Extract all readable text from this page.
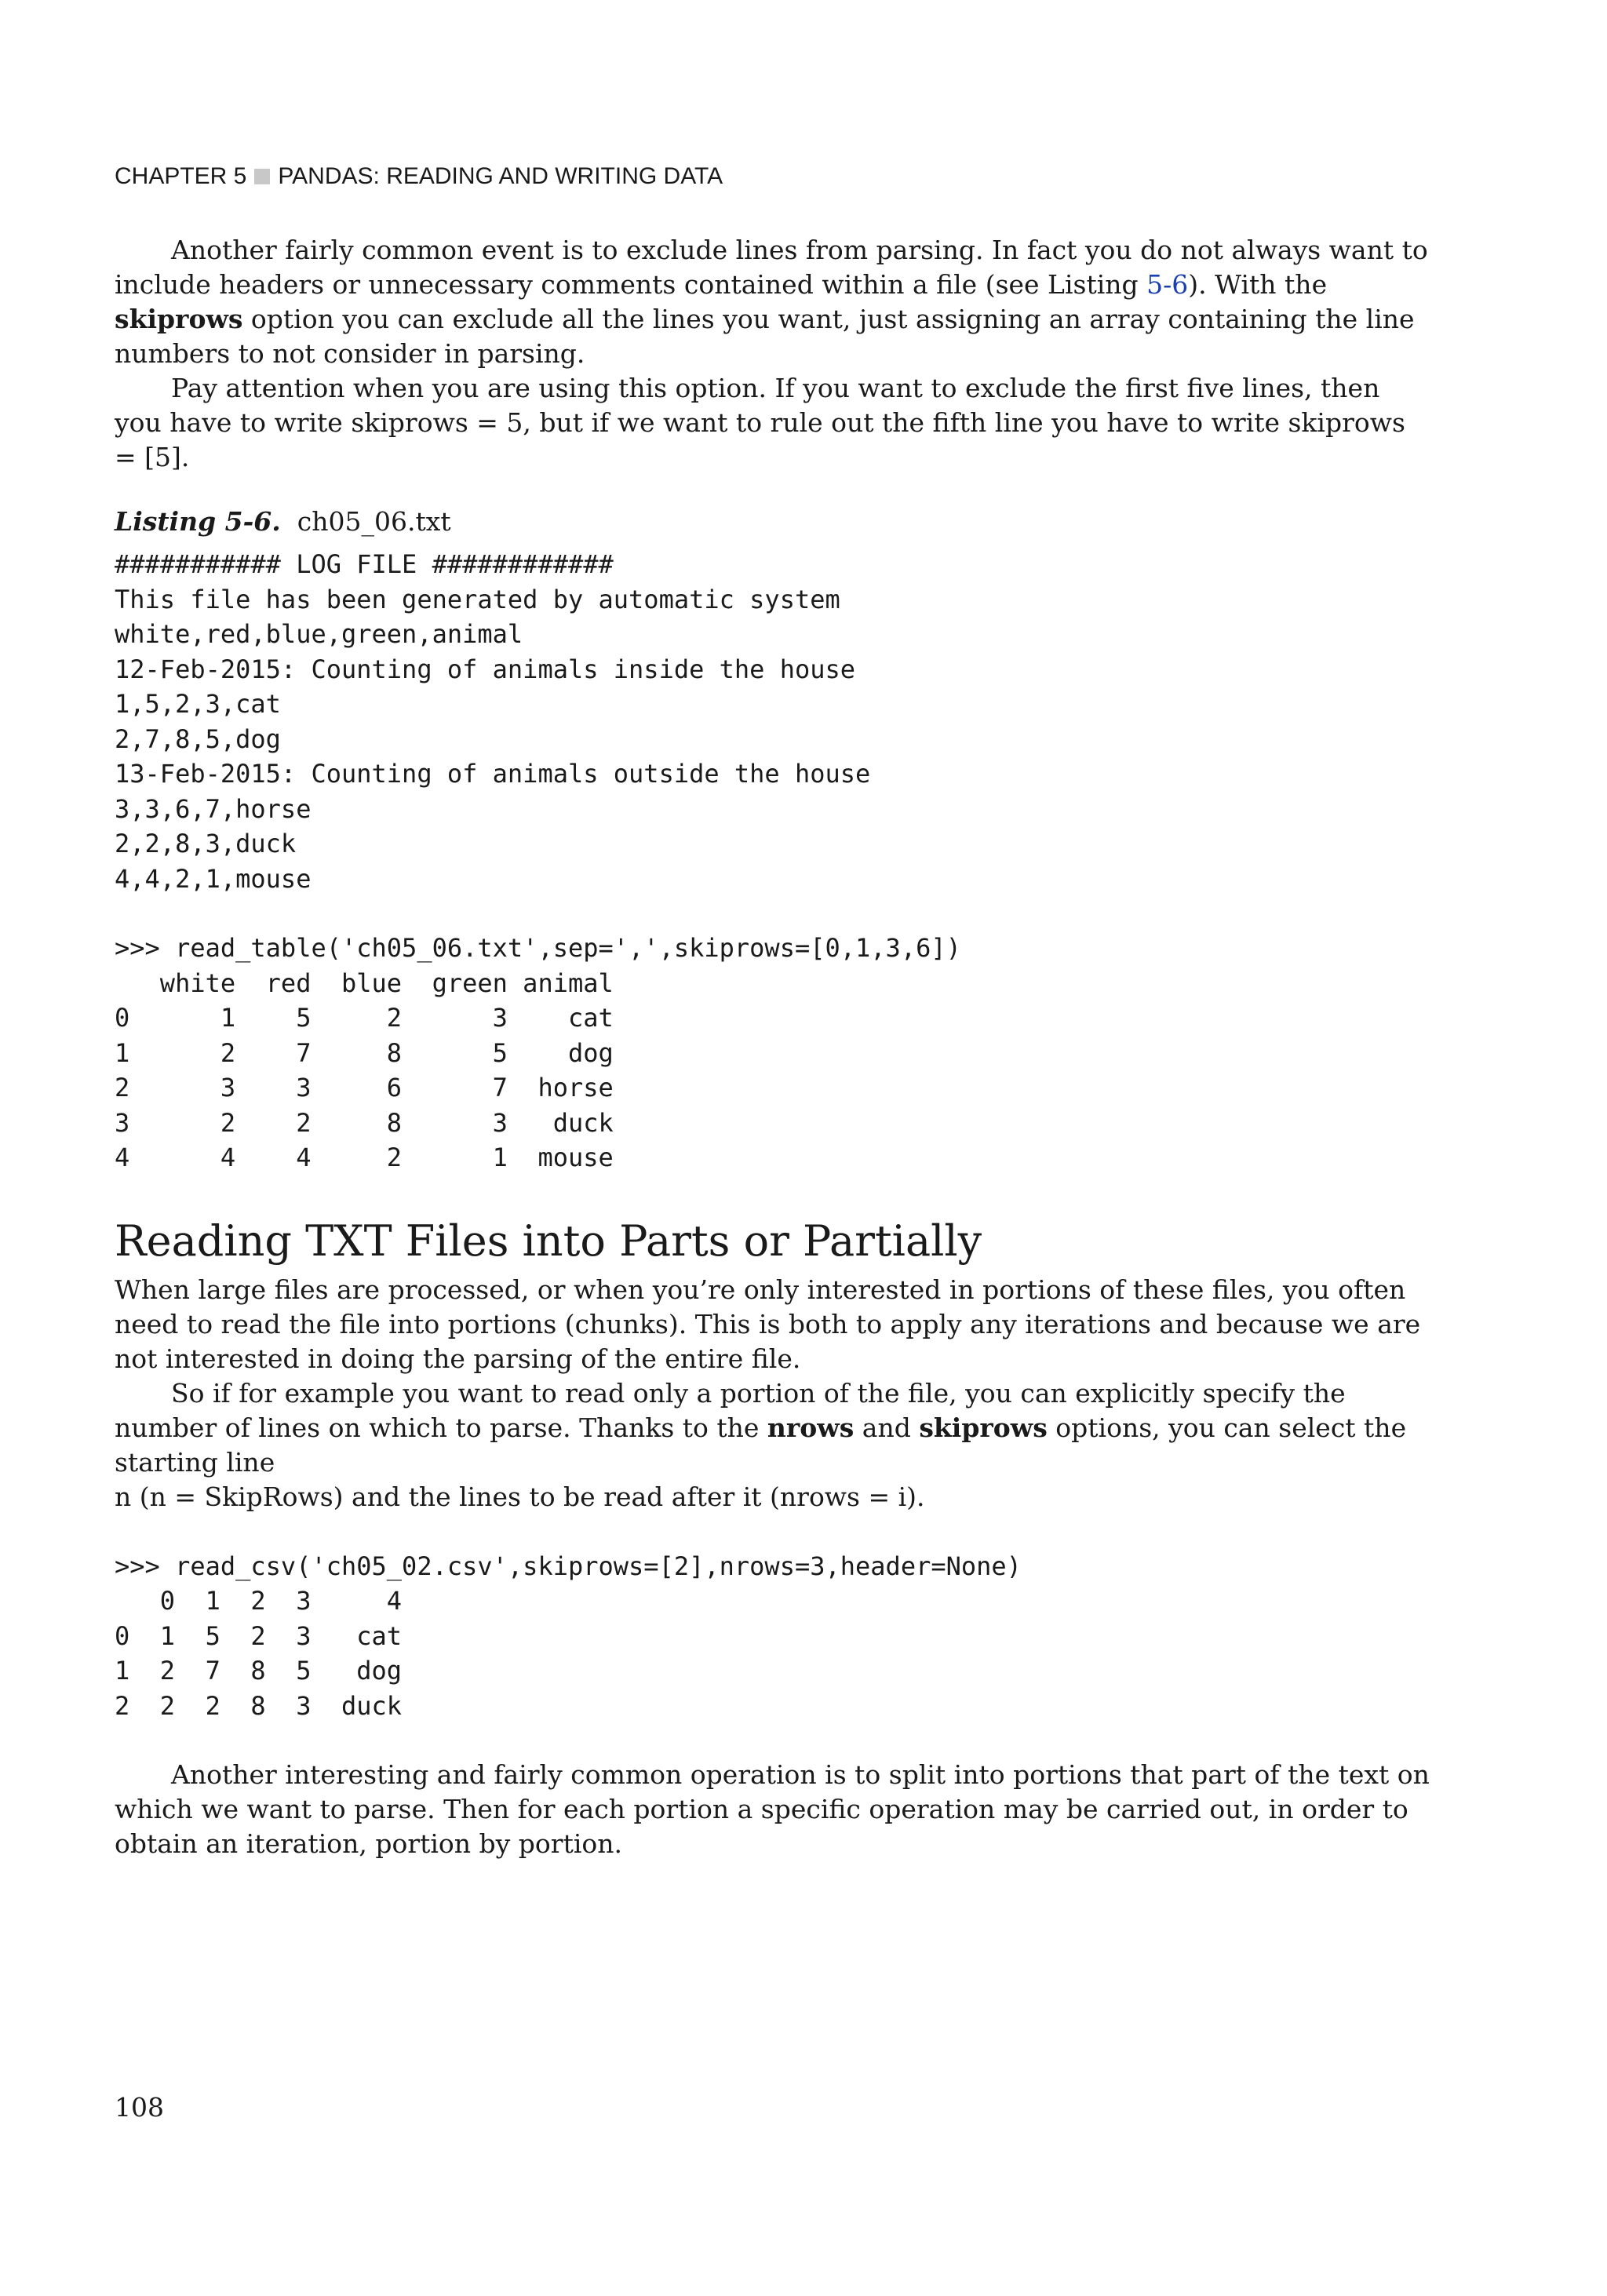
CHAPTER 5 PANDAS: READING AND WRITING DATA

Another fairly common event is to exclude lines from parsing. In fact you do not always want to include headers or unnecessary comments contained within a file (see Listing 5-6). With the skiprows option you can exclude all the lines you want, just assigning an array containing the line numbers to not consider in parsing.

Pay attention when you are using this option. If you want to exclude the first five lines, then you have to write skiprows = 5, but if we want to rule out the fifth line you have to write skiprows = [5].

Listing 5-6. ch05_06.txt
########### LOG FILE ############
This file has been generated by automatic system
white,red,blue,green,animal
12-Feb-2015: Counting of animals inside the house
1,5,2,3,cat
2,7,8,5,dog
13-Feb-2015: Counting of animals outside the house
3,3,6,7,horse
2,2,8,3,duck
4,4,2,1,mouse
>>> read_table('ch05_06.txt',sep=',',skiprows=[0,1,3,6])
white  red  blue  green animal
0      1    5     2      3    cat
1      2    7     8      5    dog
2      3    3     6      7  horse
3      2    2     8      3   duck
4      4    4     2      1  mouse
Reading TXT Files into Parts or Partially

When large files are processed, or when you’re only interested in portions of these files, you often need to read the file into portions (chunks). This is both to apply any iterations and because we are not interested in doing the parsing of the entire file.

So if for example you want to read only a portion of the file, you can explicitly specify the number of lines on which to parse. Thanks to the nrows and skiprows options, you can select the starting line
n (n = SkipRows) and the lines to be read after it (nrows = i).

>>> read_csv('ch05_02.csv',skiprows=[2],nrows=3,header=None)
0  1  2  3     4
0  1  5  2  3   cat
1  2  7  8  5   dog
2  2  2  8  3  duck

Another interesting and fairly common operation is to split into portions that part of the text on which we want to parse. Then for each portion a specific operation may be carried out, in order to obtain an iteration, portion by portion.

108
